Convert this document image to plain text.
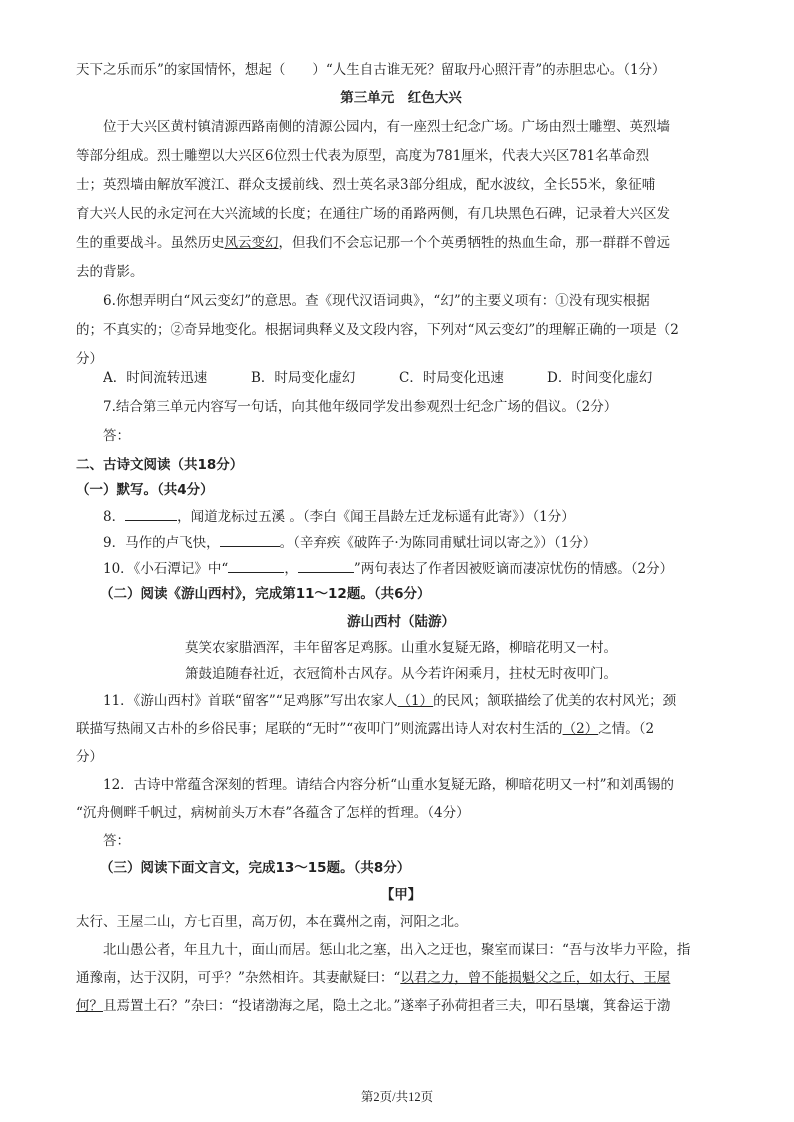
天下之乐而乐”的家国情怀，想起（　　）“人生自古谁无死？留取丹心照汗青”的赤胆忠心。（1分）
第三单元　红色大兴
位于大兴区黄村镇清源西路南侧的清源公园内，有一座烈士纪念广场。广场由烈士雕塑、英烈墙
等部分组成。烈士雕塑以大兴区6位烈士代表为原型，高度为781厘米，代表大兴区781名革命烈
士；英烈墙由解放军渡江、群众支援前线、烈士英名录3部分组成，配水波纹，全长55米，象征哺
育大兴人民的永定河在大兴流域的长度；在通往广场的甬路两侧，有几块黑色石碑，记录着大兴区发
生的重要战斗。虽然历史风云变幻，但我们不会忘记那一个个英勇牺牲的热血生命，那一群群不曾远
去的背影。
6.你想弄明白“风云变幻”的意思。查《现代汉语词典》，“幻”的主要义项有：①没有现实根据
的；不真实的；②奇异地变化。根据词典释义及文段内容，下列对“风云变幻”的理解正确的一项是（2
分）
A．时间流转迅速	B．时局变化虚幻	C．时局变化迅速	D．时间变化虚幻
7.结合第三单元内容写一句话，向其他年级同学发出参观烈士纪念广场的倡议。（2分）
答：
二、古诗文阅读（共18分）
（一）默写。（共4分）
8．	，闻道龙标过五溪 。（李白《闻王昌龄左迁龙标遥有此寄》）（1分）
9．马作的卢飞快，	。（辛弃疾《破阵子·为陈同甫赋壮词以寄之》）（1分）
10．《小石潭记》中“	，	”两句表达了作者因被贬谪而凄凉忧伤的情感。（2分）
（二）阅读《游山西村》，完成第11～12题。（共6分）
游山西村（陆游）
莫笑农家腊酒浑，丰年留客足鸡豚。山重水复疑无路，柳暗花明又一村。
箫鼓追随春社近，衣冠简朴古风存。从今若许闲乘月，拄杖无时夜叩门。
11．《游山西村》首联“留客”“足鸡豚”写出农家人（1）的民风；颔联描绘了优美的农村风光；颈
联描写热闹又古朴的乡俗民事；尾联的“无时”“夜叩门”则流露出诗人对农村生活的（2）之情。（2
分）
12．古诗中常蕴含深刻的哲理。请结合内容分析“山重水复疑无路，柳暗花明又一村”和刘禹锡的
“沉舟侧畔千帆过，病树前头万木春”各蕴含了怎样的哲理。（4分）
答：
（三）阅读下面文言文，完成13～15题。（共8分）
【甲】
太行、王屋二山，方七百里，高万仞，本在冀州之南，河阳之北。
北山愚公者，年且九十，面山而居。惩山北之塞，出入之迂也，聚室而谋曰：“吾与汝毕力平险，指
通豫南，达于汉阴，可乎？”杂然相许。其妻献疑曰：“以君之力，曾不能损魁父之丘，如太行、王屋
何？且焉置土石？”杂曰：“投诸渤海之尾，隐土之北。”遂率子孙荷担者三夫，叩石垦壤，箕畚运于渤
第2页/共12页
